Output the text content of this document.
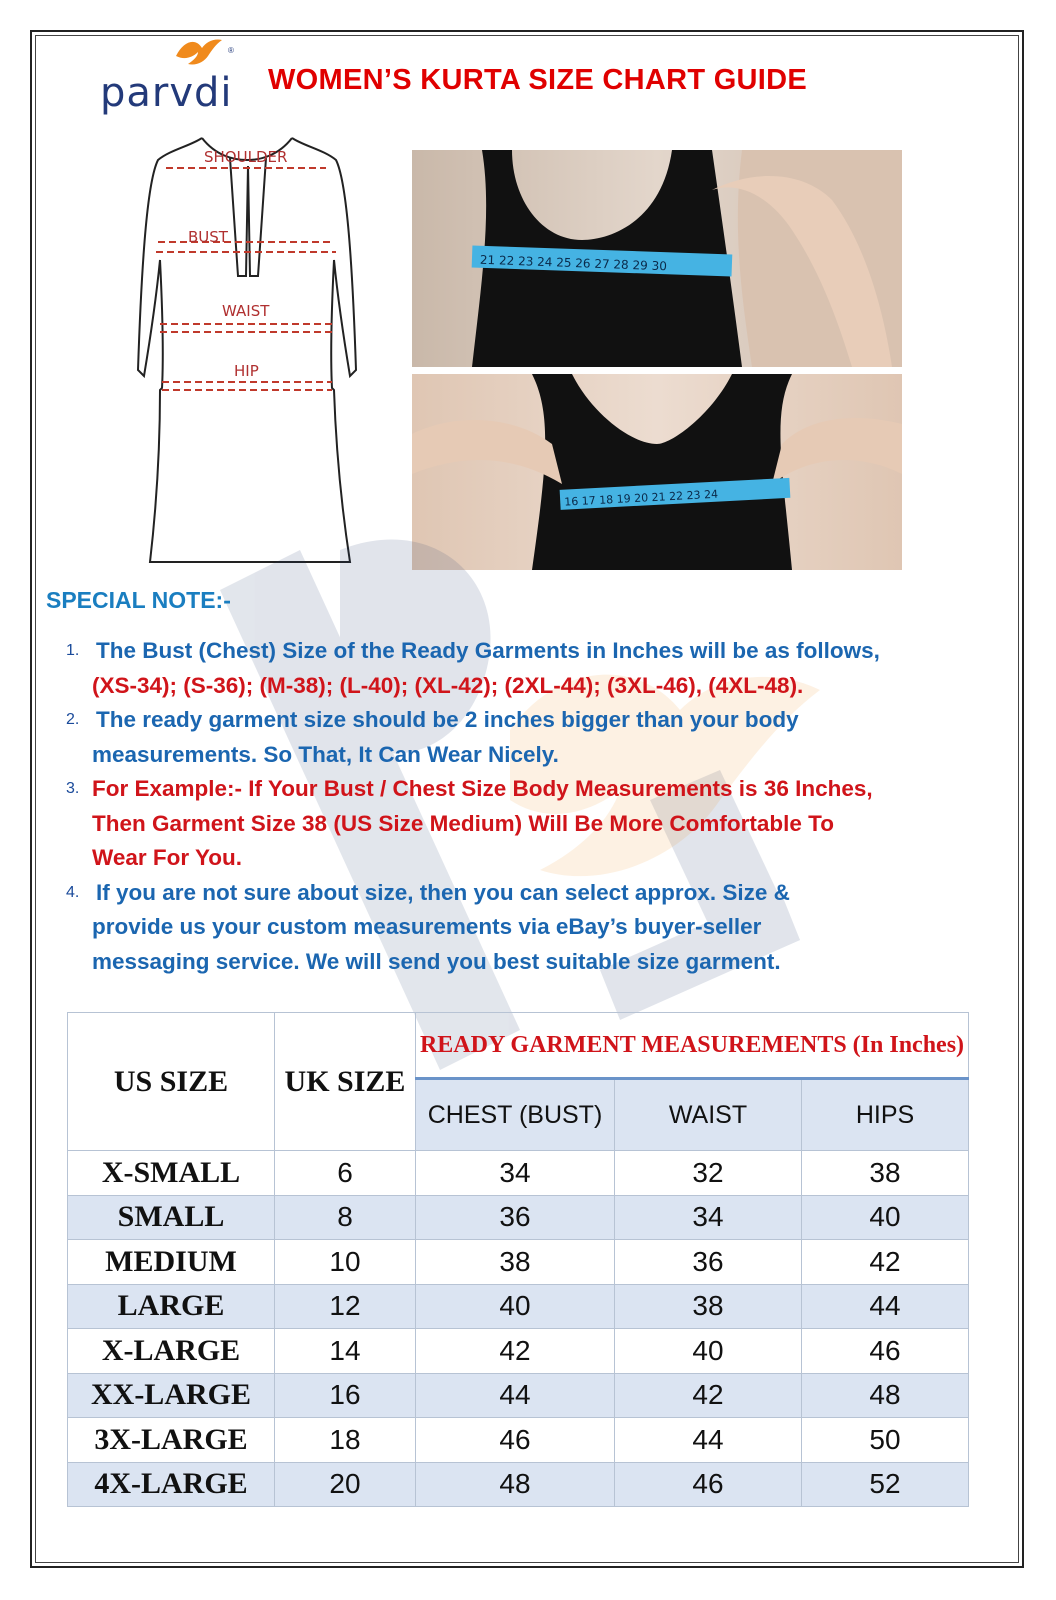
®
parvdi WOMEN’S KURTA SIZE CHART GUIDE
SHOULDER
BUST
WAIST
HIP
21 22 23 24 25 26 27 28 29 30
16 17 18 19 20 21 22 23 24
SPECIAL NOTE:-
1. The Bust (Chest) Size of the Ready Garments in Inches will be as follows,
(XS-34); (S-36); (M-38); (L-40); (XL-42); (2XL-44); (3XL-46), (4XL-48).
2. The ready garment size should be 2 inches bigger than your body
measurements. So That, It Can Wear Nicely.
3. For Example:- If Your Bust / Chest Size Body Measurements is 36 Inches,
Then Garment Size 38 (US Size Medium) Will Be More Comfortable To
Wear For You.
4. If you are not sure about size, then you can select approx. Size &
provide us your custom measurements via eBay’s buyer-seller
messaging service. We will send you best suitable size garment.
US SIZE	UK SIZE	READY GARMENT MEASUREMENTS (In Inches)		
		CHEST (BUST)	WAIST	HIPS
X-SMALL	6	34	32	38
SMALL	8	36	34	40
MEDIUM	10	38	36	42
LARGE	12	40	38	44
X-LARGE	14	42	40	46
XX-LARGE	16	44	42	48
3X-LARGE	18	46	44	50
4X-LARGE	20	48	46	52
